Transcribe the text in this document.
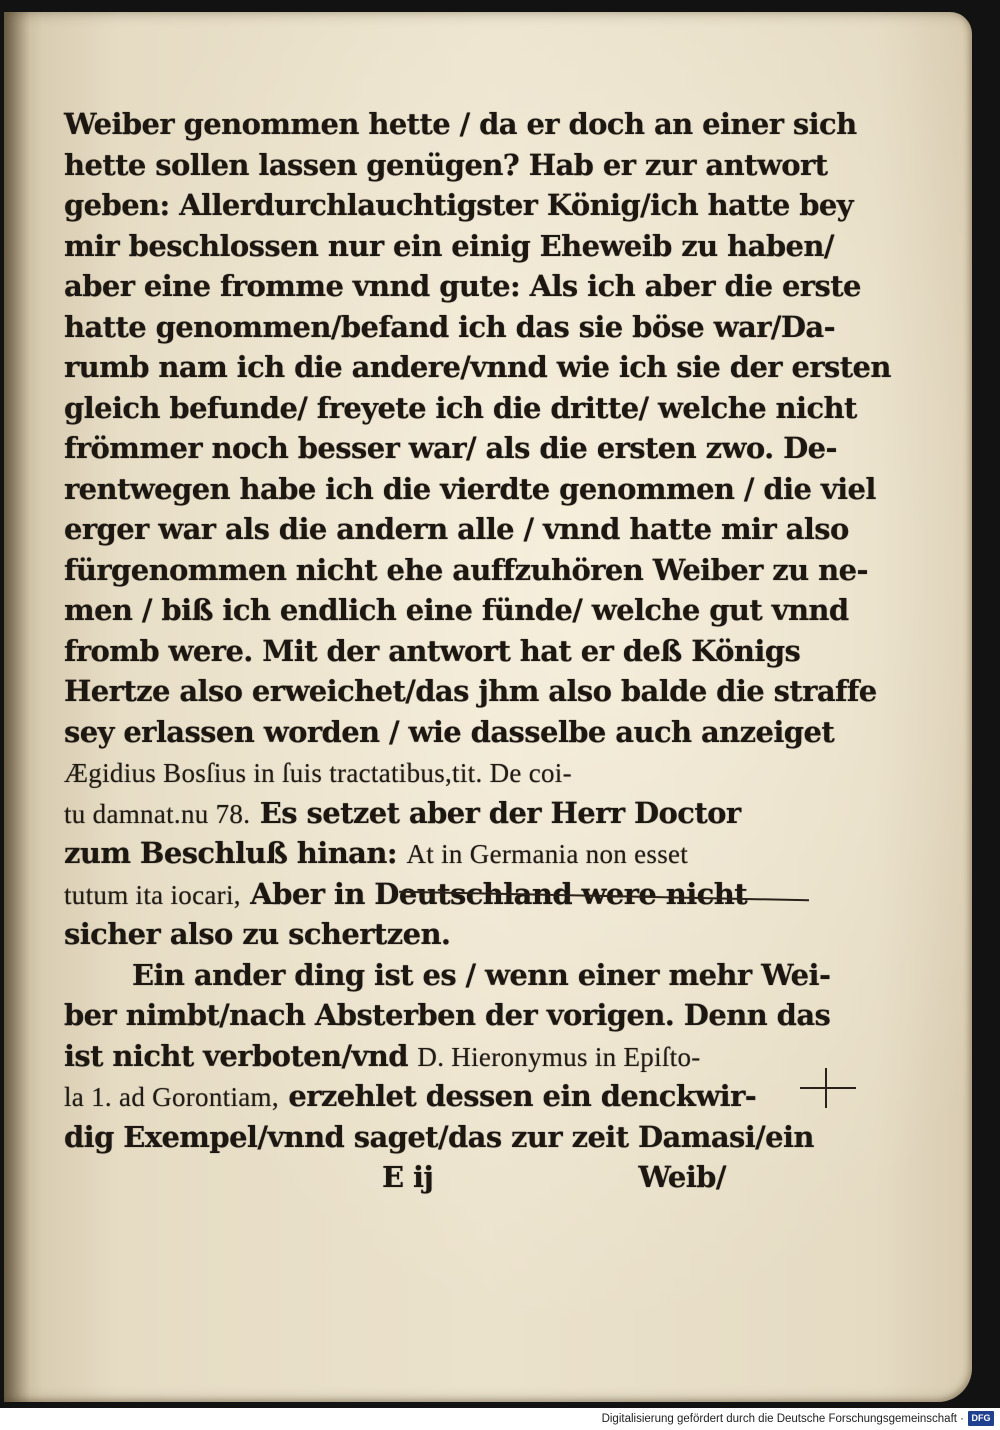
Weiber genommen hette / da er doch an einer sich
hette sollen lassen genügen? Hab er zur antwort
geben: Allerdurchlauchtigster König/ich hatte bey
mir beschlossen nur ein einig Eheweib zu haben/
aber eine fromme vnnd gute: Als ich aber die erste
hatte genommen/befand ich das sie böse war/Da-
rumb nam ich die andere/vnnd wie ich sie der ersten
gleich befunde/ freyete ich die dritte/ welche nicht
frömmer noch besser war/ als die ersten zwo. De-
rentwegen habe ich die vierdte genommen / die viel
erger war als die andern alle / vnnd hatte mir also
fürgenommen nicht ehe auffzuhören Weiber zu ne-
men / biß ich endlich eine fünde/ welche gut vnnd
fromb were. Mit der antwort hat er deß Königs
Hertze also erweichet/das jhm also balde die straffe
sey erlassen worden / wie dasselbe auch anzeiget
Ægidius Bosſius in ſuis tractatibus,tit. De coi-
tu damnat.nu 78. Es setzet aber der Herr Doctor
zum Beschluß hinan: At in Germania non esset
tutum ita iocari, Aber in Deutschland were nicht
sicher also zu schertzen.
Ein ander ding ist es / wenn einer mehr Wei-
ber nimbt/nach Absterben der vorigen. Denn das
ist nicht verboten/vnd D. Hieronymus in Epiſto-
la 1. ad Gorontiam, erzehlet dessen ein denckwir-
dig Exempel/vnnd saget/das zur zeit Damasi/ein
E ij	Weib/
Digitalisierung gefördert durch die Deutsche Forschungsgemeinschaft · DFG
